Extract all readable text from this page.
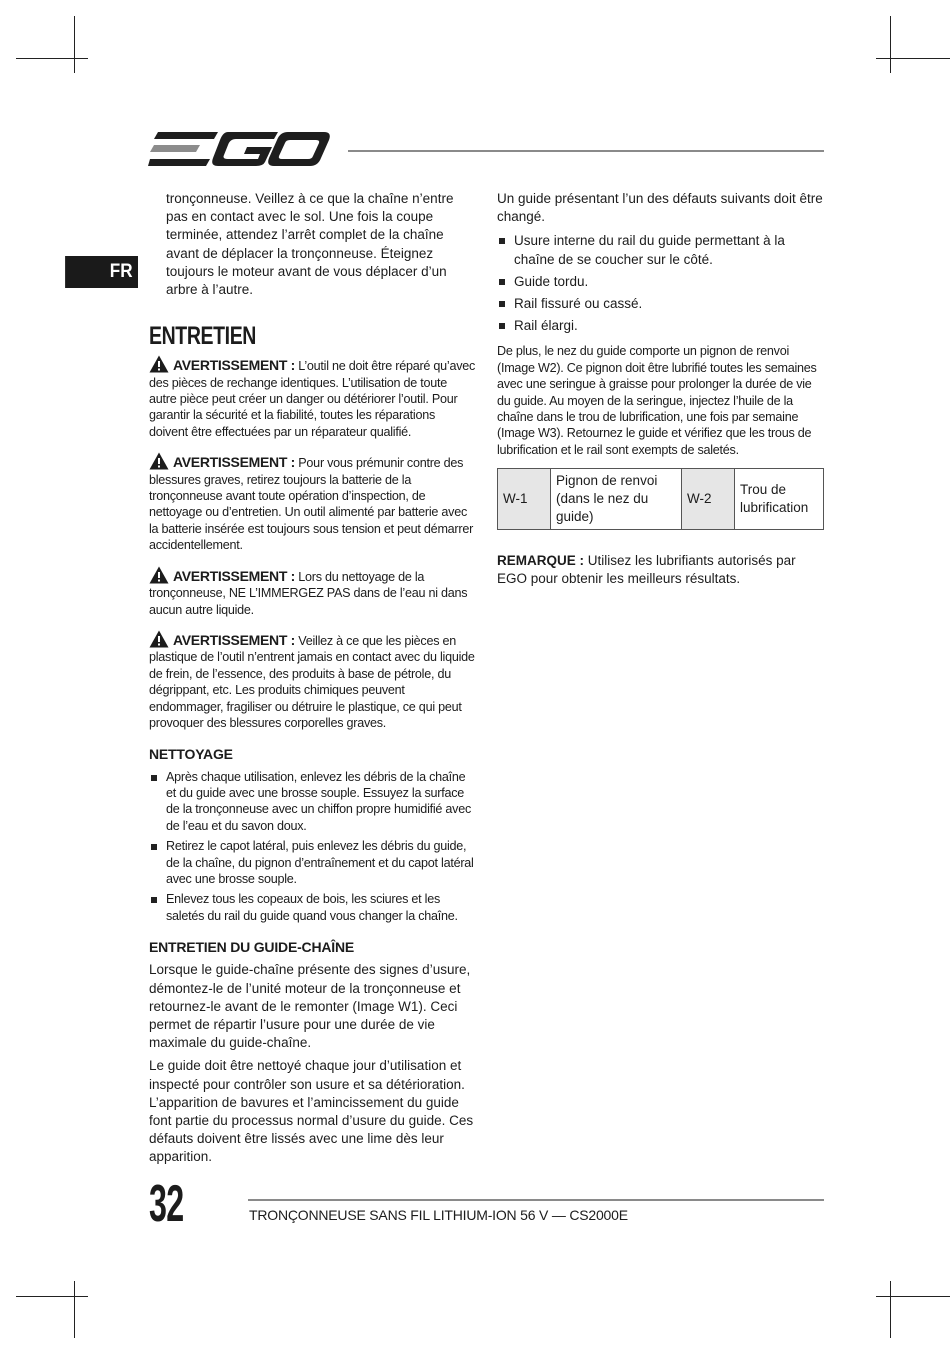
FR

tronçonneuse. Veillez à ce que la chaîne n’entre pas en contact avec le sol. Une fois la coupe terminée, attendez l’arrêt complet de la chaîne avant de déplacer la tronçonneuse. Éteignez toujours le moteur avant de vous déplacer d’un arbre à l’autre.

ENTRETIEN
AVERTISSEMENT : L’outil ne doit être réparé qu’avec des pièces de rechange identiques. L’utilisation de toute autre pièce peut créer un danger ou détériorer l’outil. Pour garantir la sécurité et la fiabilité, toutes les réparations doivent être effectuées par un réparateur qualifié.
AVERTISSEMENT : Pour vous prémunir contre des blessures graves, retirez toujours la batterie de la tronçonneuse avant toute opération d’inspection, de nettoyage ou d’entretien. Un outil alimenté par batterie avec la batterie insérée est toujours sous tension et peut démarrer accidentellement.
AVERTISSEMENT : Lors du nettoyage de la tronçonneuse, NE L’IMMERGEZ PAS dans de l’eau ni dans aucun autre liquide.
AVERTISSEMENT : Veillez à ce que les pièces en plastique de l’outil n’entrent jamais en contact avec du liquide de frein, de l’essence, des produits à base de pétrole, du dégrippant, etc. Les produits chimiques peuvent endommager, fragiliser ou détruire le plastique, ce qui peut provoquer des blessures corporelles graves.
NETTOYAGE
Après chaque utilisation, enlevez les débris de la chaîne et du guide avec une brosse souple. Essuyez la surface de la tronçonneuse avec un chiffon propre humidifié avec de l’eau et du savon doux.
Retirez le capot latéral, puis enlevez les débris du guide, de la chaîne, du pignon d’entraînement et du capot latéral avec une brosse souple.
Enlevez tous les copeaux de bois, les sciures et les saletés du rail du guide quand vous changer la chaîne.
ENTRETIEN DU GUIDE-CHAÎNE

Lorsque le guide-chaîne présente des signes d’usure, démontez-le de l’unité moteur de la tronçonneuse et retournez-le avant de le remonter (Image W1). Ceci permet de répartir l’usure pour une durée de vie maximale du guide-chaîne.

Le guide doit être nettoyé chaque jour d’utilisation et inspecté pour contrôler son usure et sa détérioration. L’apparition de bavures et l’amincissement du guide font partie du processus normal d’usure du guide. Ces défauts doivent être lissés avec une lime dès leur apparition.

Un guide présentant l’un des défauts suivants doit être changé.

Usure interne du rail du guide permettant à la chaîne de se coucher sur le côté.
Guide tordu.
Rail fissuré ou cassé.
Rail élargi.

De plus, le nez du guide comporte un pignon de renvoi (Image W2). Ce pignon doit être lubrifié toutes les semaines avec une seringue à graisse pour prolonger la durée de vie du guide. Au moyen de la seringue, injectez l’huile de la chaîne dans le trou de lubrification, une fois par semaine (Image W3). Retournez le guide et vérifiez que les trous de lubrification et le rail sont exempts de saletés.

W-1	Pignon de renvoi (dans le nez du guide)	W-2	Trou de lubrification

REMARQUE : Utilisez les lubrifiants autorisés par EGO pour obtenir les meilleurs résultats.

32	TRONÇONNEUSE SANS FIL LITHIUM-ION 56 V — CS2000E
